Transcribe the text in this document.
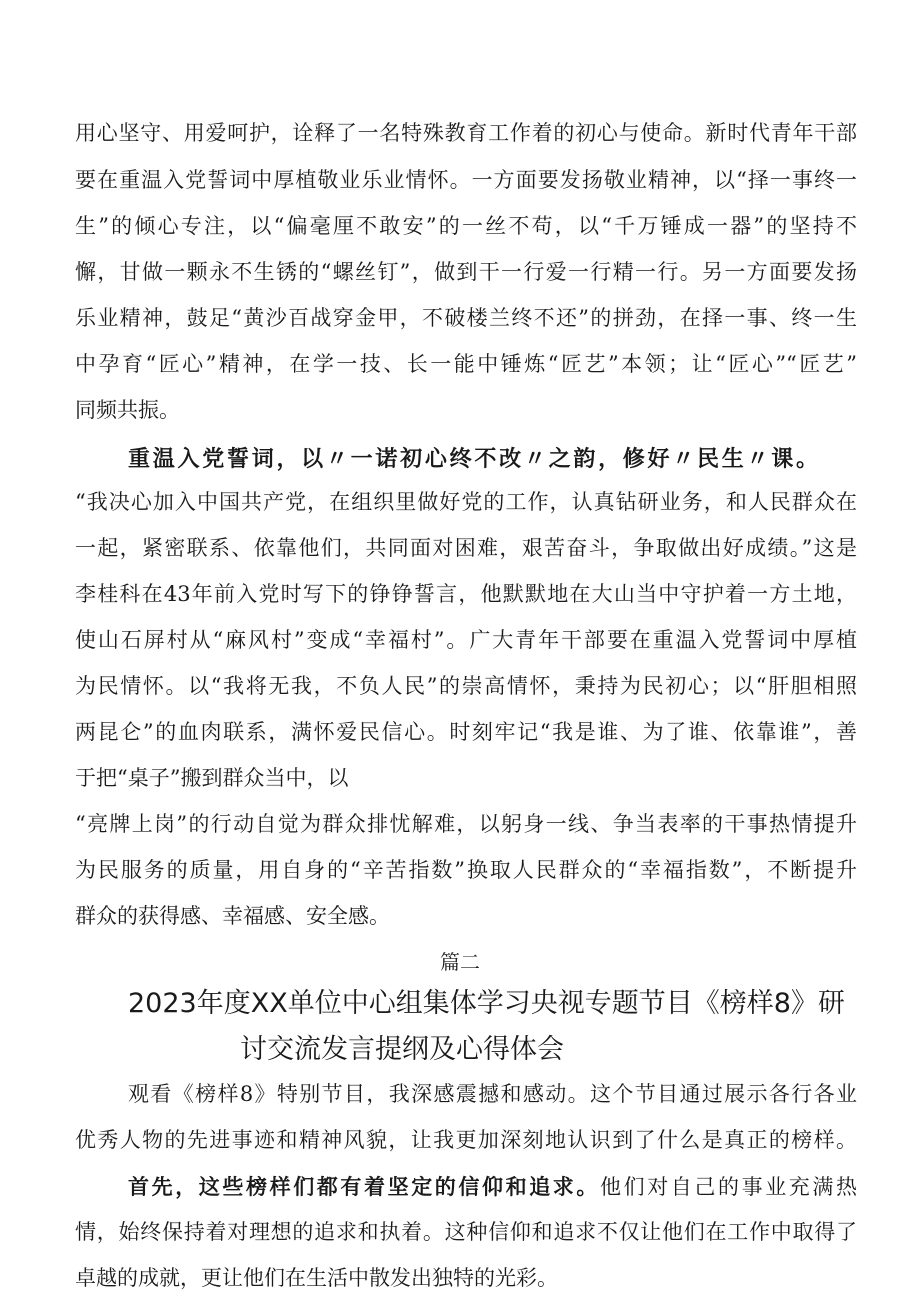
用心坚守、用爱呵护，诠释了一名特殊教育工作着的初心与使命。新时代青年干部
要在重温入党誓词中厚植敬业乐业情怀。一方面要发扬敬业精神，以“择一事终一
生”的倾心专注，以“偏毫厘不敢安”的一丝不苟，以“千万锤成一器”的坚持不
懈，甘做一颗永不生锈的“螺丝钉”，做到干一行爱一行精一行。另一方面要发扬
乐业精神，鼓足“黄沙百战穿金甲，不破楼兰终不还”的拼劲，在择一事、终一生
中孕育“匠心”精神，在学一技、长一能中锤炼“匠艺”本领；让“匠心”“匠艺”
同频共振。
重温入党誓词，以〃一诺初心终不改〃之韵，修好〃民生〃课。
“我决心加入中国共产党，在组织里做好党的工作，认真钻研业务，和人民群众在
一起，紧密联系、依靠他们，共同面对困难，艰苦奋斗，争取做出好成绩。”这是
李桂科在43年前入党时写下的铮铮誓言，他默默地在大山当中守护着一方土地，
使山石屏村从“麻风村”变成“幸福村”。广大青年干部要在重温入党誓词中厚植
为民情怀。以“我将无我，不负人民”的崇高情怀，秉持为民初心；以“肝胆相照
两昆仑”的血肉联系，满怀爱民信心。时刻牢记“我是谁、为了谁、依靠谁”，善
于把“桌子”搬到群众当中，以
“亮牌上岗”的行动自觉为群众排忧解难，以躬身一线、争当表率的干事热情提升
为民服务的质量，用自身的“辛苦指数”换取人民群众的“幸福指数”，不断提升
群众的获得感、幸福感、安全感。
篇二
2023年度XX单位中心组集体学习央视专题节目《榜样8》研
讨交流发言提纲及心得体会
观看《榜样8》特别节目，我深感震撼和感动。这个节目通过展示各行各业
优秀人物的先进事迹和精神风貌，让我更加深刻地认识到了什么是真正的榜样。
首先，这些榜样们都有着坚定的信仰和追求。他们对自己的事业充满热
情，始终保持着对理想的追求和执着。这种信仰和追求不仅让他们在工作中取得了
卓越的成就，更让他们在生活中散发出独特的光彩。
